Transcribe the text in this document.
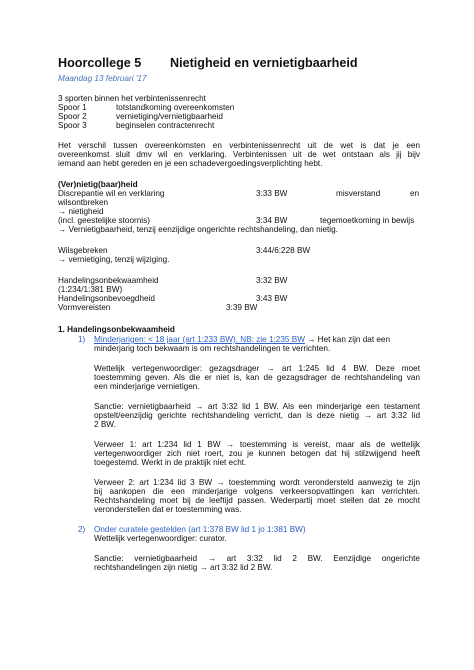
Hoorcollege 5 Nietigheid en vernietigbaarheid
Maandag 13 februari '17
3 sporten binnen het verbintenissenrecht
Spoor 1	totstandkoming overeenkomsten
Spoor 2	vernietiging/vernietigbaarheid
Spoor 3	beginselen contractenrecht
Het verschil tussen overeenkomsten en verbintenissenrecht uit de wet is dat je een
overeenkomst sluit dmv wil en verklaring. Verbintenissen uit de wet ontstaan als jij bijv
iemand aan hebt gereden en je een schadevergoedingsverplichting hebt.
(Ver)nietig(baar)heid
Discrepantie wil en verklaring	3:33 BW	misverstand	en
wilsontbreken
→ nietigheid
(incl. geestelijke stoornis)	3:34 BW	tegemoetkoming in bewijs
→ Vernietigbaarheid, tenzij eenzijdige ongerichte rechtshandeling, dan nietig.
Wilsgebreken	3:44/6:228 BW
→ vernietiging, tenzij wijziging.
Handelingsonbekwaamheid	3:32 BW
(1:234/1:381 BW)
Handelingsonbevoegdheid	3:43 BW
Vormvereisten	3:39 BW
1. Handelingsonbekwaamheid
1) Minderjarigen: < 18 jaar (art 1:233 BW). NB: zie 1:235 BW → Het kan zijn dat een
minderjarig toch bekwaam is om rechtshandelingen te verrichten.
Wettelijk vertegenwoordiger: gezagsdrager → art 1:245 lid 4 BW. Deze moet
toestemming geven. Als die er niet is, kan de gezagsdrager de rechtshandeling van
een minderjarige vernietigen.
Sanctie: vernietigbaarheid → art 3:32 lid 1 BW. Als een minderjarige een testament
opstelt/eenzijdig gerichte rechtshandeling verricht, dan is deze nietig → art 3:32 lid
2 BW.
Verweer 1: art 1:234 lid 1 BW → toestemming is vereist, maar als de wettelijk
vertegenwoordiger zich niet roert, zou je kunnen betogen dat hij stilzwijgend heeft
toegestemd. Werkt in de praktijk niet echt.
Verweer 2: art 1:234 lid 3 BW → toestemming wordt verondersteld aanwezig te zijn
bij aankopen die een minderjarige volgens verkeersopvattingen kan verrichten.
Rechtshandeling moet bij de leeftijd passen. Wederpartij moet stellen dat ze mocht
veronderstellen dat er toestemming was.
2) Onder curatele gestelden (art 1:378 BW lid 1 jo 1:381 BW)
Wettelijk vertegenwoordiger: curator.
Sanctie: vernietigbaarheid → art 3:32 lid 2 BW. Eenzijdige ongerichte
rechtshandelingen zijn nietig → art 3:32 lid 2 BW.
